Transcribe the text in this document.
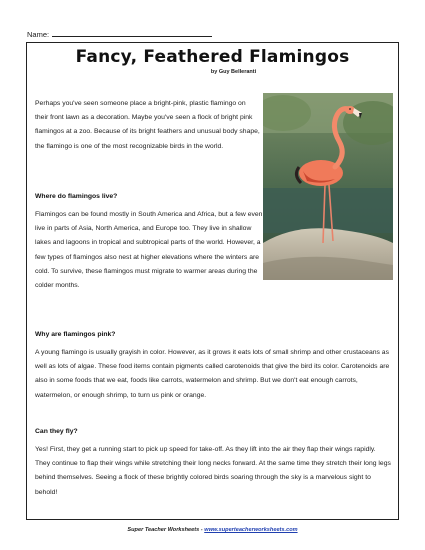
Name:
Fancy, Feathered Flamingos
by Guy Belleranti
Perhaps you've seen someone place a bright-pink, plastic flamingo on their front lawn as a decoration. Maybe you've seen a flock of bright pink flamingos at a zoo. Because of its bright feathers and unusual body shape, the flamingo is one of the most recognizable birds in the world.
Where do flamingos live?
Flamingos can be found mostly in South America and Africa, but a few even live in parts of Asia, North America, and Europe too. They live in shallow lakes and lagoons in tropical and subtropical parts of the world. However, a few types of flamingos also nest at higher elevations where the winters are cold. To survive, these flamingos must migrate to warmer areas during the colder months.
Why are flamingos pink?
A young flamingo is usually grayish in color. However, as it grows it eats lots of small shrimp and other crustaceans as well as lots of algae. These food items contain pigments called carotenoids that give the bird its color. Carotenoids are also in some foods that we eat, foods like carrots, watermelon and shrimp. But we don't eat enough carrots, watermelon, or enough shrimp, to turn us pink or orange.
Can they fly?
Yes! First, they get a running start to pick up speed for take-off. As they lift into the air they flap their wings rapidly. They continue to flap their wings while stretching their long necks forward. At the same time they stretch their long legs behind themselves. Seeing a flock of these brightly colored birds soaring through the sky is a marvelous sight to behold!
Super Teacher Worksheets - www.superteacherworksheets.com
